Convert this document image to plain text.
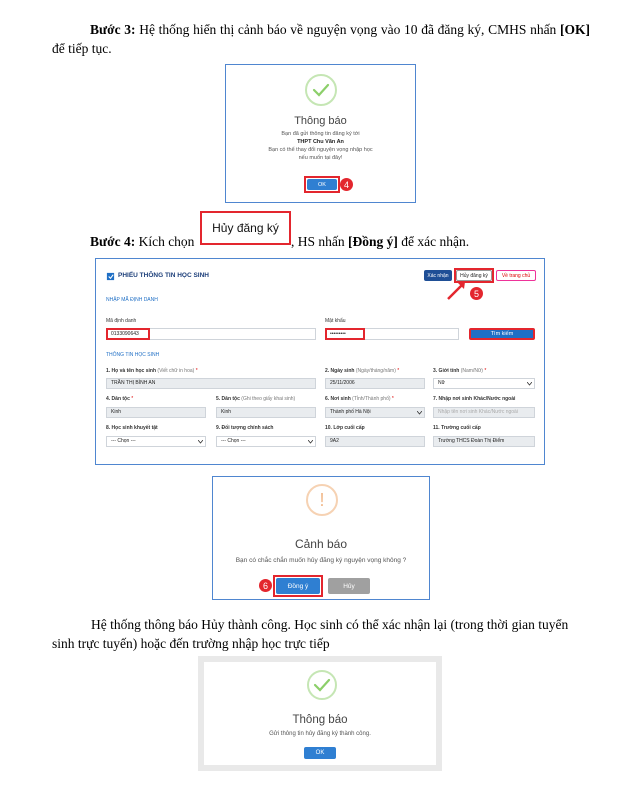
Bước 3: Hệ thống hiển thị cảnh báo về nguyện vọng vào 10 đã đăng ký, CMHS nhấn [OK] để tiếp tục.
Thông báo
Bạn đã gửi thông tin đăng ký tới
THPT Chu Văn An
Bạn có thể thay đổi nguyện vọng nhập học
nếu muốn tại đây!
OK	4
Bước 4: Kích chọn
Hủy đăng ký
, HS nhấn [Đồng ý] để xác nhận.
PHIẾU THÔNG TIN HỌC SINH	Xác nhận	Hủy đăng ký	Về trang chủ
5
NHẬP MÃ ĐỊNH DANH
Mã định danh
0133090643
Mật khẩu
•••••••••	Tìm kiếm
THÔNG TIN HỌC SINH
1. Họ và tên học sinh (Viết chữ in hoa) *
TRẦN THỊ BÌNH AN
2. Ngày sinh (Ngày/tháng/năm) *
25/11/2006
3. Giới tính (Nam/Nữ) *
Nữ
4. Dân tộc *
Kinh
5. Dân tộc (Ghi theo giấy khai sinh)
Kinh
6. Nơi sinh (Tỉnh/Thành phố) *
Thành phố Hà Nội
7. Nhập nơi sinh Khác/Nước ngoài
Nhập tên nơi sinh Khác/Nước ngoài
8. Học sinh khuyết tật
--- Chọn ---
9. Đối tượng chính sách
--- Chọn ---
10. Lớp cuối cấp
9A2
11. Trường cuối cấp
Trường THCS Đoàn Thị Điểm
!
Cảnh báo
Bạn có chắc chắn muốn hủy đăng ký nguyện vọng không ?
6	Đồng ý	Hủy
Hệ thống thông báo Hủy thành công. Học sinh có thể xác nhận lại (trong thời gian tuyển
sinh trực tuyến) hoặc đến trường nhập học trực tiếp
Thông báo
Gửi thông tin hủy đăng ký thành công.
OK
